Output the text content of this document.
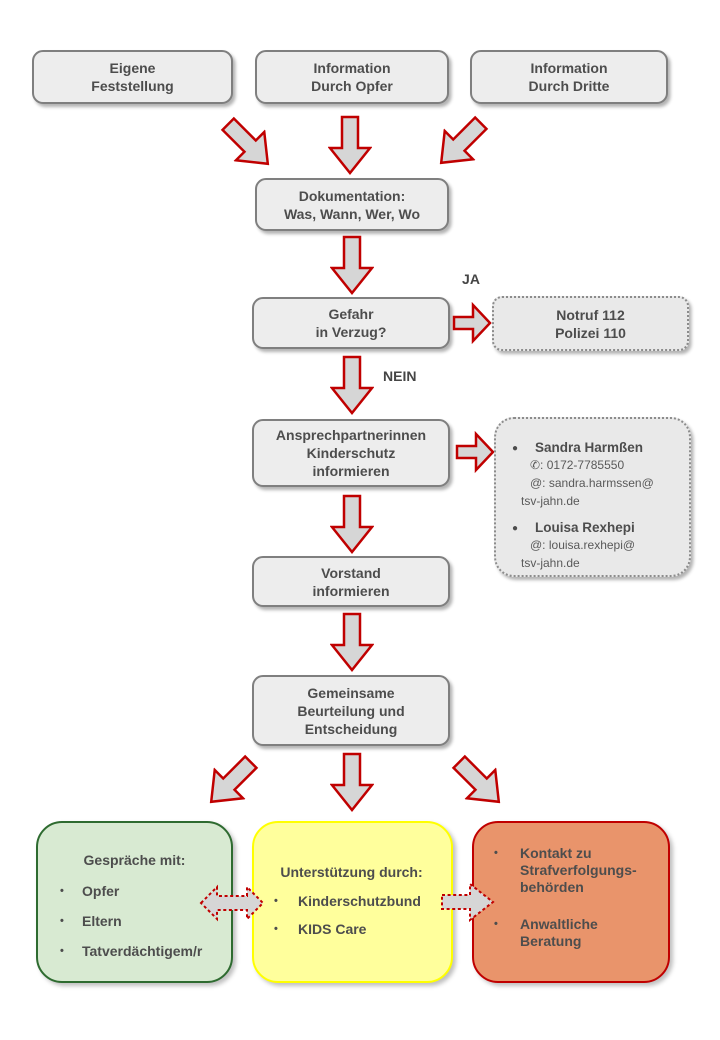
Eigene
Feststellung
Information
Durch Opfer
Information
Durch Dritte
Dokumentation:
Was, Wann, Wer, Wo
Gefahr
in Verzug?
JA
Notruf 112
Polizei 110
NEIN
Ansprechpartnerinnen
Kinderschutz
informieren
●	Sandra Harmßen
✆: 0172-7785550
@: sandra.harmssen@
tsv-jahn.de
●	Louisa Rexhepi
@: louisa.rexhepi@
tsv-jahn.de
Vorstand
informieren
Gemeinsame
Beurteilung und
Entscheidung
Gespräche mit:
•	Opfer
•	Eltern
•	Tatverdächtigem/r
Unterstützung durch:
•	Kinderschutzbund
•	KIDS Care
•	Kontakt zu
Strafverfolgungs-
behörden
•	Anwaltliche
Beratung
